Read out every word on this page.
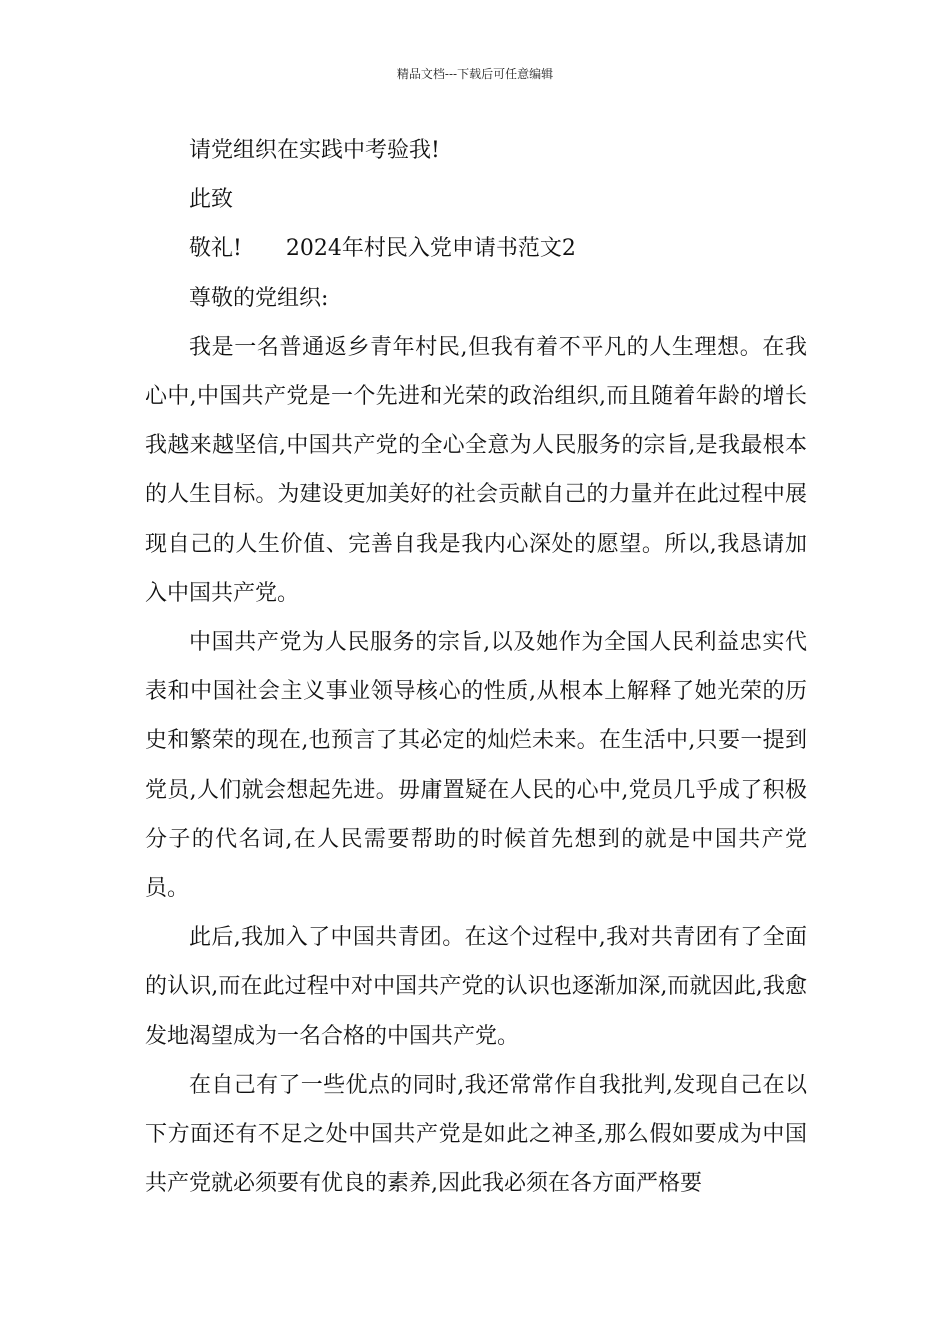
精品文档---下载后可任意编辑

请党组织在实践中考验我!

此致

敬礼! 2024年村民入党申请书范文2

尊敬的党组织:

我是一名普通返乡青年村民,但我有着不平凡的人生理想。在我心中,中国共产党是一个先进和光荣的政治组织,而且随着年龄的增长我越来越坚信,中国共产党的全心全意为人民服务的宗旨,是我最根本的人生目标。为建设更加美好的社会贡献自己的力量并在此过程中展现自己的人生价值、完善自我是我内心深处的愿望。所以,我恳请加入中国共产党。

中国共产党为人民服务的宗旨,以及她作为全国人民利益忠实代表和中国社会主义事业领导核心的性质,从根本上解释了她光荣的历史和繁荣的现在,也预言了其必定的灿烂未来。在生活中,只要一提到党员,人们就会想起先进。毋庸置疑在人民的心中,党员几乎成了积极分子的代名词,在人民需要帮助的时候首先想到的就是中国共产党员。

此后,我加入了中国共青团。在这个过程中,我对共青团有了全面的认识,而在此过程中对中国共产党的认识也逐渐加深,而就因此,我愈发地渴望成为一名合格的中国共产党。

在自己有了一些优点的同时,我还常常作自我批判,发现自己在以下方面还有不足之处中国共产党是如此之神圣,那么假如要成为中国共产党就必须要有优良的素养,因此我必须在各方面严格要
